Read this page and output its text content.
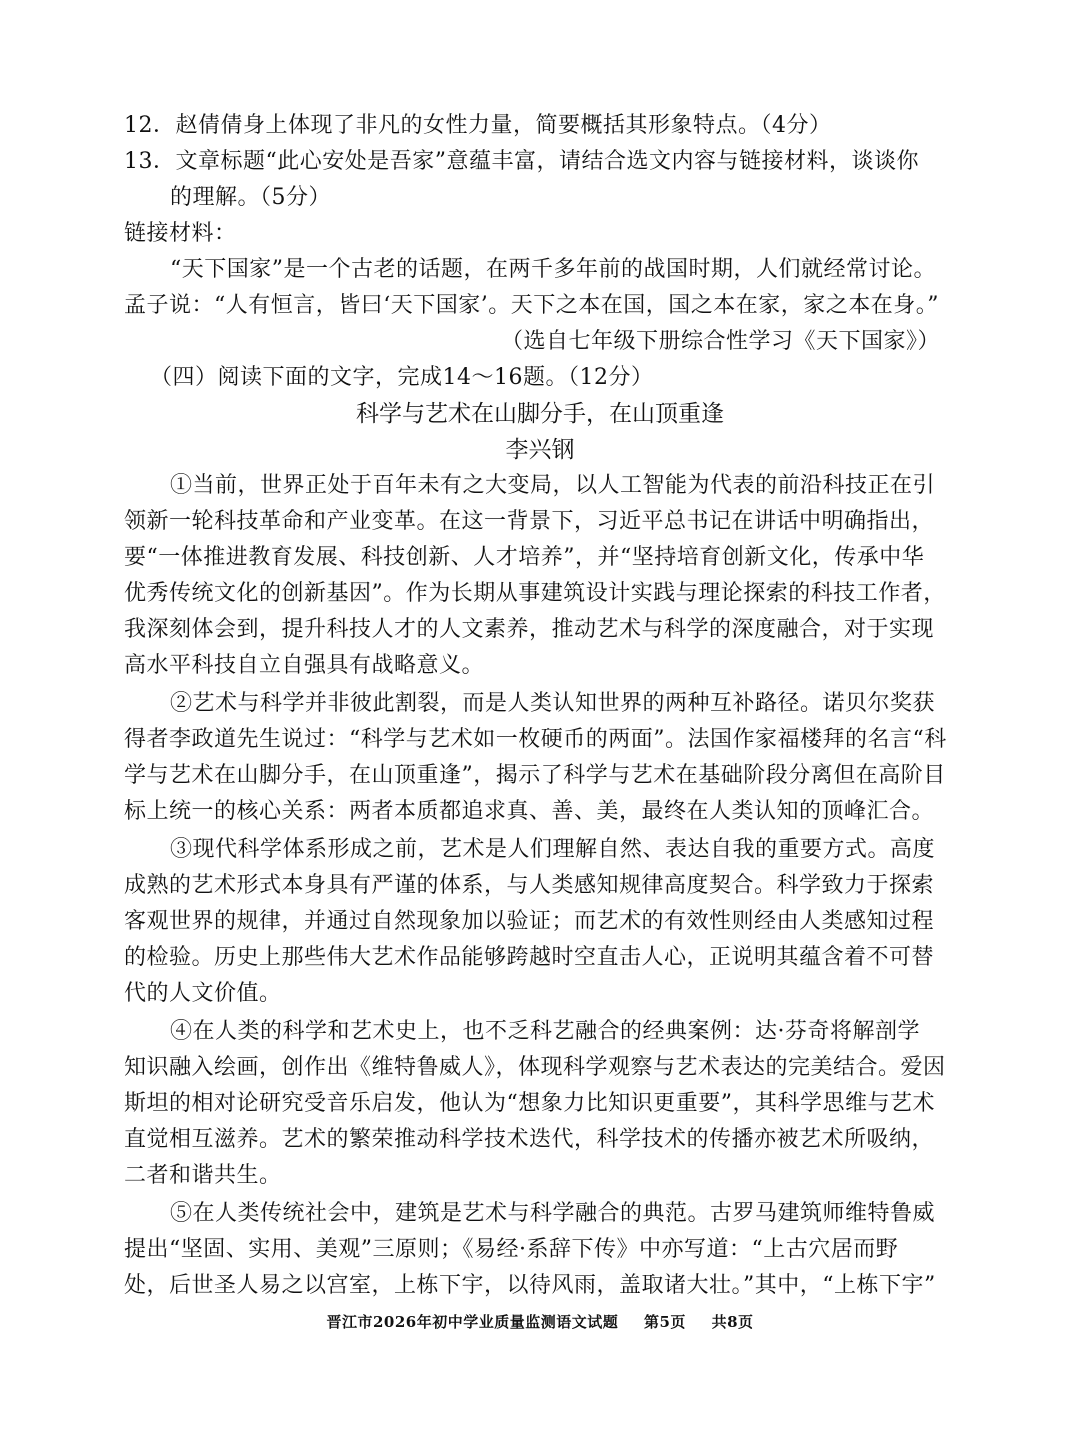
12．赵倩倩身上体现了非凡的女性力量，简要概括其形象特点。（4分）
13．文章标题“此心安处是吾家”意蕴丰富，请结合选文内容与链接材料，谈谈你
的理解。（5分）
链接材料：
“天下国家”是一个古老的话题，在两千多年前的战国时期，人们就经常讨论。
孟子说：“人有恒言，皆曰‘天下国家’。天下之本在国，国之本在家，家之本在身。”
（选自七年级下册综合性学习《天下国家》）
（四）阅读下面的文字，完成14～16题。（12分）
科学与艺术在山脚分手，在山顶重逢
李兴钢
①当前，世界正处于百年未有之大变局，以人工智能为代表的前沿科技正在引
领新一轮科技革命和产业变革。在这一背景下，习近平总书记在讲话中明确指出，
要“一体推进教育发展、科技创新、人才培养”，并“坚持培育创新文化，传承中华
优秀传统文化的创新基因”。作为长期从事建筑设计实践与理论探索的科技工作者，
我深刻体会到，提升科技人才的人文素养，推动艺术与科学的深度融合，对于实现
高水平科技自立自强具有战略意义。
②艺术与科学并非彼此割裂，而是人类认知世界的两种互补路径。诺贝尔奖获
得者李政道先生说过：“科学与艺术如一枚硬币的两面”。法国作家福楼拜的名言“科
学与艺术在山脚分手，在山顶重逢”，揭示了科学与艺术在基础阶段分离但在高阶目
标上统一的核心关系：两者本质都追求真、善、美，最终在人类认知的顶峰汇合。
③现代科学体系形成之前，艺术是人们理解自然、表达自我的重要方式。高度
成熟的艺术形式本身具有严谨的体系，与人类感知规律高度契合。科学致力于探索
客观世界的规律，并通过自然现象加以验证；而艺术的有效性则经由人类感知过程
的检验。历史上那些伟大艺术作品能够跨越时空直击人心，正说明其蕴含着不可替
代的人文价值。
④在人类的科学和艺术史上，也不乏科艺融合的经典案例：达·芬奇将解剖学
知识融入绘画，创作出《维特鲁威人》，体现科学观察与艺术表达的完美结合。爱因
斯坦的相对论研究受音乐启发，他认为“想象力比知识更重要”，其科学思维与艺术
直觉相互滋养。艺术的繁荣推动科学技术迭代，科学技术的传播亦被艺术所吸纳，
二者和谐共生。
⑤在人类传统社会中，建筑是艺术与科学融合的典范。古罗马建筑师维特鲁威
提出“坚固、实用、美观”三原则；《易经·系辞下传》中亦写道：“上古穴居而野
晋江市2026年初中学业质量监测语文试题 第5页 共8页
处，后世圣人易之以宫室，上栋下宇，以待风雨，盖取诸大壮。”其中，“上栋下宇”
